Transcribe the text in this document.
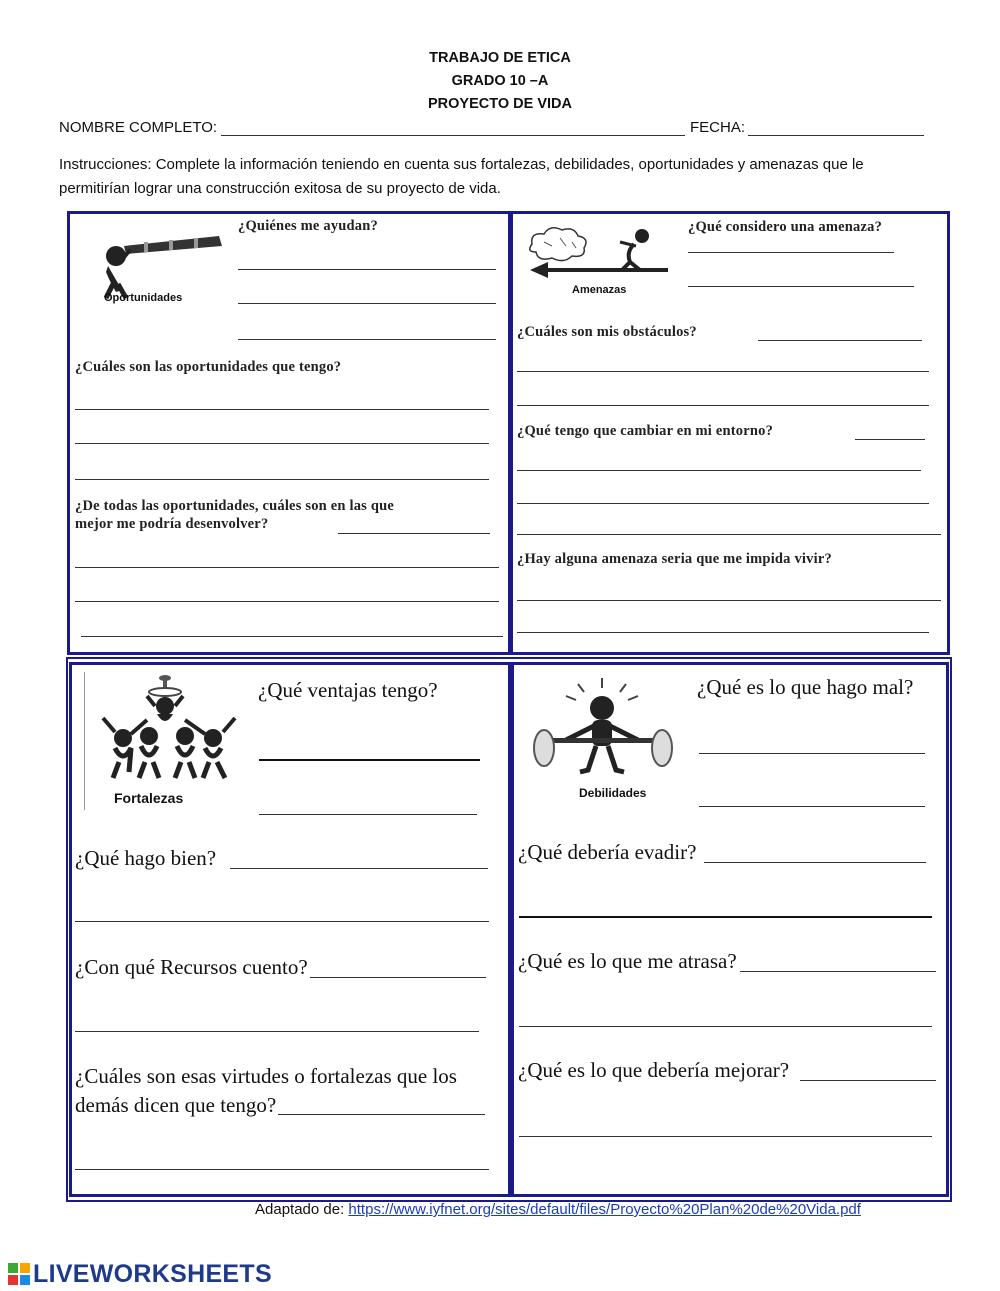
TRABAJO DE ETICA
GRADO 10 –A
PROYECTO DE VIDA
NOMBRE COMPLETO:	FECHA:
Instrucciones: Complete la información teniendo en cuenta sus fortalezas, debilidades, oportunidades y amenazas que le
permitirían lograr una construcción exitosa de su proyecto de vida.
Oportunidades
¿Quiénes me ayudan?
¿Cuáles son las oportunidades que tengo?
¿De todas las oportunidades, cuáles son en las que
mejor me podría desenvolver?
Amenazas
¿Qué considero una amenaza?
¿Cuáles son mis obstáculos?
¿Qué tengo que cambiar en mi entorno?
¿Hay alguna amenaza seria que me impida vivir?
Fortalezas
¿Qué ventajas tengo?
¿Qué hago bien?
¿Con qué Recursos cuento?
¿Cuáles son esas virtudes o fortalezas que los
demás dicen que tengo?
Debilidades
¿Qué es lo que hago mal?
¿Qué debería evadir?
¿Qué es lo que me atrasa?
¿Qué es lo que debería mejorar?
Adaptado de: https://www.iyfnet.org/sites/default/files/Proyecto%20Plan%20de%20Vida.pdf
LIVEWORKSHEETS
